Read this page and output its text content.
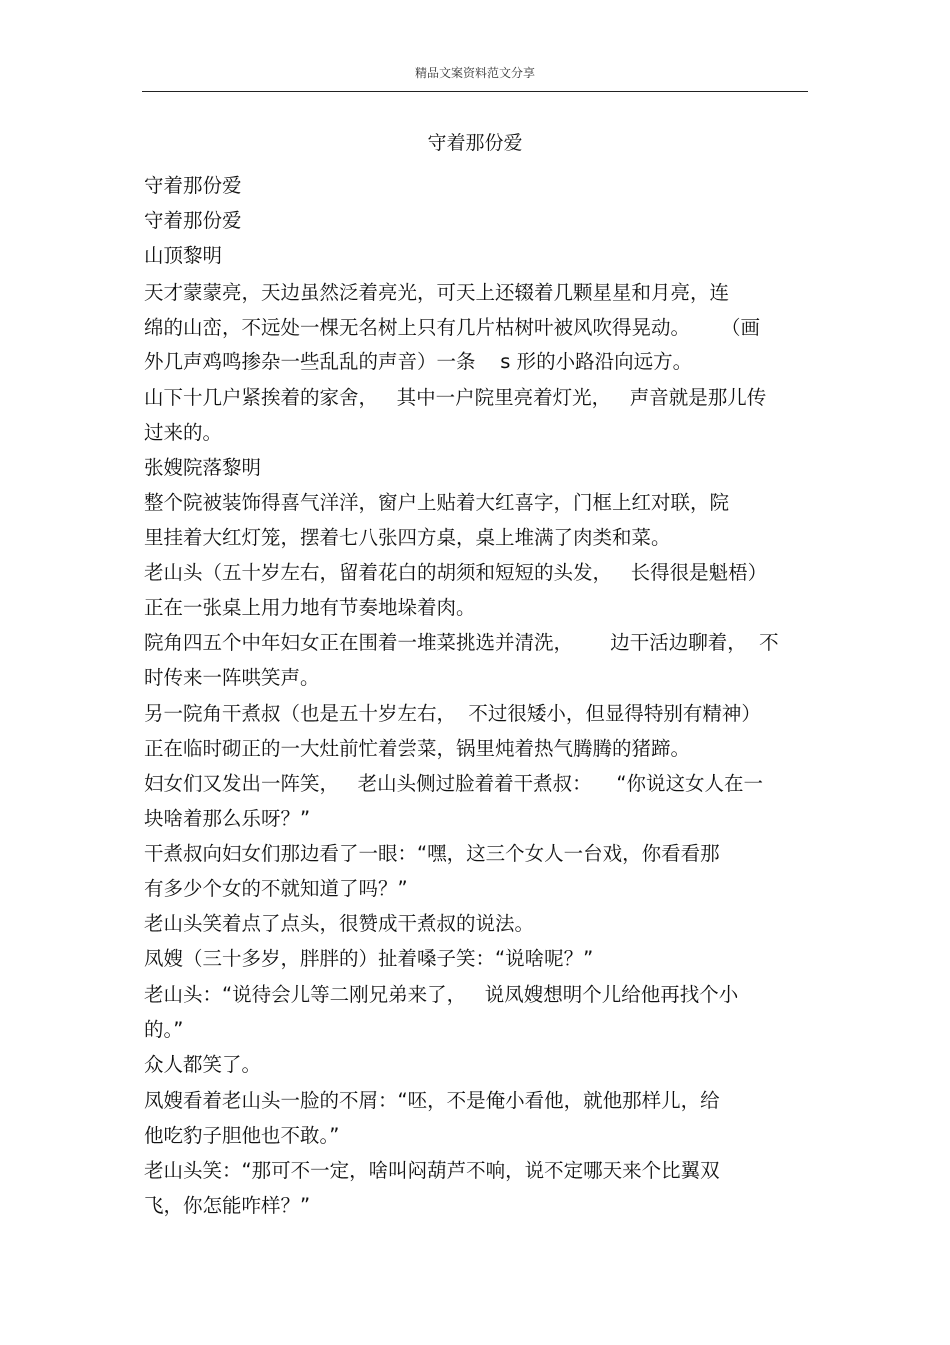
精品文案资料范文分享
守着那份爱
守着那份爱
守着那份爱
山顶黎明
天才蒙蒙亮，天边虽然泛着亮光，可天上还辍着几颗星星和月亮，连
绵的山峦，不远处一棵无名树上只有几片枯树叶被风吹得晃动。     （画
外几声鸡鸣掺杂一些乱乱的声音）一条    s 形的小路沿向远方。
山下十几户紧挨着的家舍，   其中一户院里亮着灯光，   声音就是那儿传
过来的。
张嫂院落黎明
整个院被装饰得喜气洋洋，窗户上贴着大红喜字，门框上红对联，院
里挂着大红灯笼，摆着七八张四方桌，桌上堆满了肉类和菜。
老山头（五十岁左右，留着花白的胡须和短短的头发，   长得很是魁梧）
正在一张桌上用力地有节奏地垛着肉。
院角四五个中年妇女正在围着一堆菜挑选并清洗，      边干活边聊着，  不
时传来一阵哄笑声。
另一院角干煮叔（也是五十岁左右，  不过很矮小，但显得特别有精神）
正在临时砌正的一大灶前忙着尝菜，锅里炖着热气腾腾的猪蹄。
妇女们又发出一阵笑，   老山头侧过脸着着干煮叔：    “你说这女人在一
块啥着那么乐呀？”
干煮叔向妇女们那边看了一眼：“嘿，这三个女人一台戏，你看看那
有多少个女的不就知道了吗？”
老山头笑着点了点头，很赞成干煮叔的说法。
凤嫂（三十多岁，胖胖的）扯着嗓子笑：“说啥呢？”
老山头：“说待会儿等二刚兄弟来了，   说凤嫂想明个儿给他再找个小
的。”
众人都笑了。
凤嫂看着老山头一脸的不屑：“呸，不是俺小看他，就他那样儿，给
他吃豹子胆他也不敢。”
老山头笑：“那可不一定，啥叫闷葫芦不响，说不定哪天来个比翼双
飞，你怎能咋样？”
